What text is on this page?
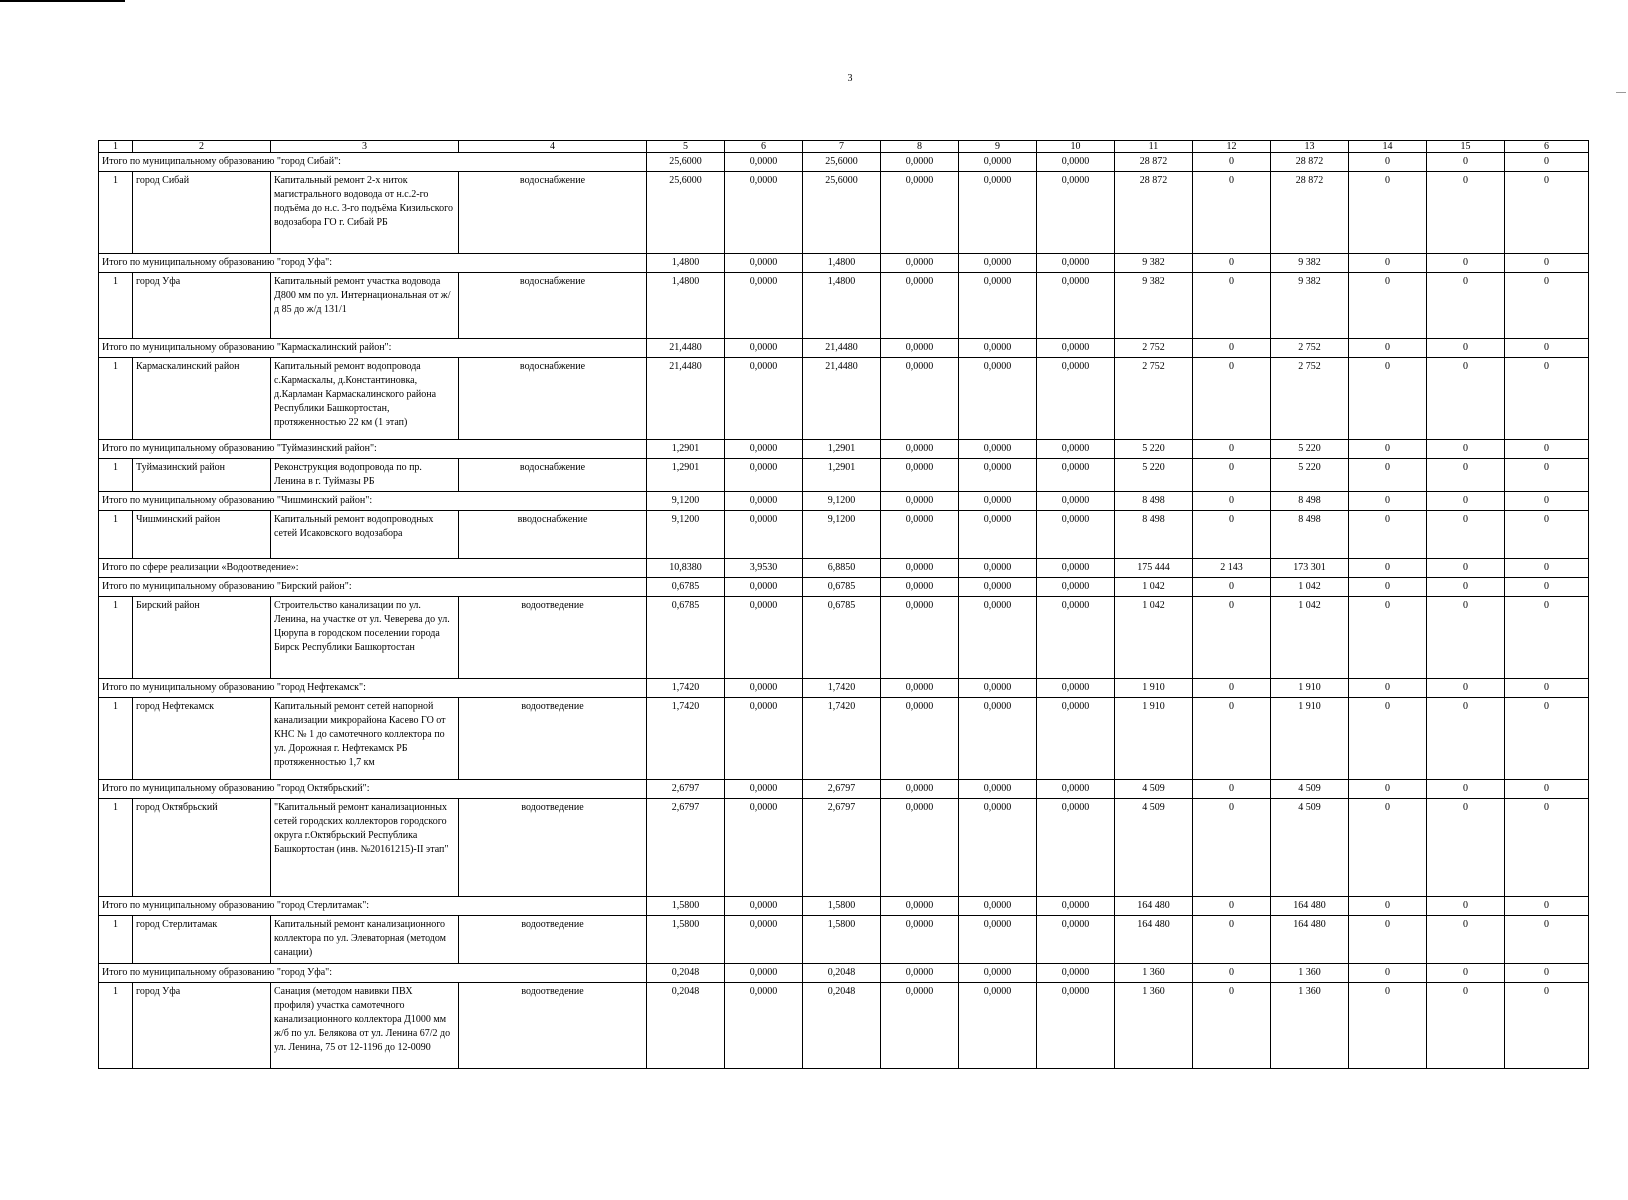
3
1	2	3	4	5	6	7	8	9	10	11	12	13	14	15	6
Итого по муниципальному образованию "город Сибай":				25,6000	0,0000	25,6000	0,0000	0,0000	0,0000	28 872	0	28 872	0	0	0
1	город Сибай	Капитальный ремонт 2-х ниток магистрального водовода от н.с.2-го подъёма до н.с. 3-го подъёма Кизильского водозабора ГО г. Сибай РБ	водоснабжение	25,6000	0,0000	25,6000	0,0000	0,0000	0,0000	28 872	0	28 872	0	0	0
Итого по муниципальному образованию "город Уфа":				1,4800	0,0000	1,4800	0,0000	0,0000	0,0000	9 382	0	9 382	0	0	0
1	город Уфа	Капитальный ремонт участка водовода Д800 мм по ул. Интернациональная от ж/д 85 до ж/д 131/1	водоснабжение	1,4800	0,0000	1,4800	0,0000	0,0000	0,0000	9 382	0	9 382	0	0	0
Итого по муниципальному образованию "Кармаскалинский район":				21,4480	0,0000	21,4480	0,0000	0,0000	0,0000	2 752	0	2 752	0	0	0
1	Кармаскалинский район	Капитальный ремонт водопровода с.Кармаскалы, д.Константиновка, д.Карламан Кармаскалинского района Республики Башкортостан, протяженностью 22 км (1 этап)	водоснабжение	21,4480	0,0000	21,4480	0,0000	0,0000	0,0000	2 752	0	2 752	0	0	0
Итого по муниципальному образованию "Туймазинский район":				1,2901	0,0000	1,2901	0,0000	0,0000	0,0000	5 220	0	5 220	0	0	0
1	Туймазинский район	Реконструкция водопровода по пр. Ленина в г. Туймазы РБ	водоснабжение	1,2901	0,0000	1,2901	0,0000	0,0000	0,0000	5 220	0	5 220	0	0	0
Итого по муниципальному образованию "Чишминский район":				9,1200	0,0000	9,1200	0,0000	0,0000	0,0000	8 498	0	8 498	0	0	0
1	Чишминский район	Капитальный ремонт водопроводных сетей Исаковского водозабора	вводоснабжение	9,1200	0,0000	9,1200	0,0000	0,0000	0,0000	8 498	0	8 498	0	0	0
Итого по сфере реализации «Водоотведение»:				10,8380	3,9530	6,8850	0,0000	0,0000	0,0000	175 444	2 143	173 301	0	0	0
Итого по муниципальному образованию "Бирский район":				0,6785	0,0000	0,6785	0,0000	0,0000	0,0000	1 042	0	1 042	0	0	0
1	Бирский район	Строительство канализации по ул. Ленина, на участке от ул. Чеверева до ул. Цюрупа в городском поселении города Бирск Республики Башкортостан	водоотведение	0,6785	0,0000	0,6785	0,0000	0,0000	0,0000	1 042	0	1 042	0	0	0
Итого по муниципальному образованию "город Нефтекамск":				1,7420	0,0000	1,7420	0,0000	0,0000	0,0000	1 910	0	1 910	0	0	0
1	город Нефтекамск	Капитальный ремонт сетей напорной канализации микрорайона Касево ГО от КНС № 1 до самотечного коллектора по ул. Дорожная г. Нефтекамск РБ протяженностью 1,7 км	водоотведение	1,7420	0,0000	1,7420	0,0000	0,0000	0,0000	1 910	0	1 910	0	0	0
Итого по муниципальному образованию "город Октябрьский":				2,6797	0,0000	2,6797	0,0000	0,0000	0,0000	4 509	0	4 509	0	0	0
1	город Октябрьский	"Капитальный ремонт канализационных сетей городских коллекторов городского округа г.Октябрьский Республика Башкортостан (инв. №20161215)-II этап"	водоотведение	2,6797	0,0000	2,6797	0,0000	0,0000	0,0000	4 509	0	4 509	0	0	0
Итого по муниципальному образованию "город Стерлитамак":				1,5800	0,0000	1,5800	0,0000	0,0000	0,0000	164 480	0	164 480	0	0	0
1	город Стерлитамак	Капитальный ремонт канализационного коллектора по ул. Элеваторная (методом санации)	водоотведение	1,5800	0,0000	1,5800	0,0000	0,0000	0,0000	164 480	0	164 480	0	0	0
Итого по муниципальному образованию "город Уфа":				0,2048	0,0000	0,2048	0,0000	0,0000	0,0000	1 360	0	1 360	0	0	0
1	город Уфа	Санация (методом навивки ПВХ профиля) участка самотечного канализационного коллектора Д1000 мм ж/б по ул. Белякова от ул. Ленина 67/2 до ул. Ленина, 75 от 12-1196 до 12-0090	водоотведение	0,2048	0,0000	0,2048	0,0000	0,0000	0,0000	1 360	0	1 360	0	0	0
